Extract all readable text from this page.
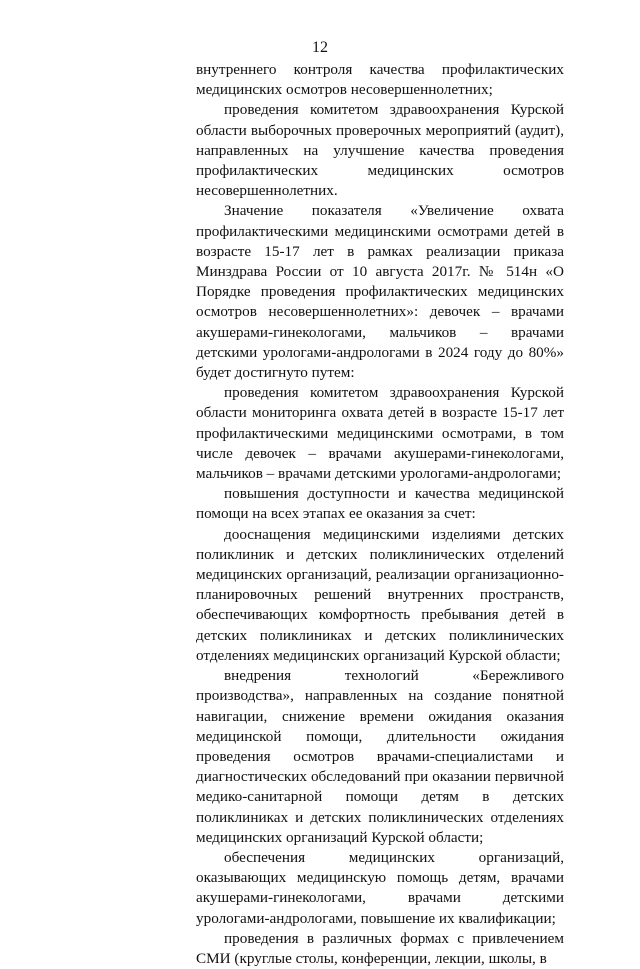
12

внутреннего контроля качества профилактических медицинских осмотров несовершеннолетних;

проведения комитетом здравоохранения Курской области выборочных проверочных мероприятий (аудит), направленных на улучшение качества проведения профилактических медицинских осмотров несовершеннолетних.

Значение показателя «Увеличение охвата профилактическими медицинскими осмотрами детей в возрасте 15-17 лет в рамках реализации приказа Минздрава России от 10 августа 2017г. № 514н «О Порядке проведения профилактических медицинских осмотров несовершеннолетних»: девочек – врачами акушерами-гинекологами, мальчиков – врачами детскими урологами-андрологами в 2024 году до 80%» будет достигнуто путем:

проведения комитетом здравоохранения Курской области мониторинга охвата детей в возрасте 15-17 лет профилактическими медицинскими осмотрами, в том числе девочек – врачами акушерами-гинекологами, мальчиков – врачами детскими урологами-андрологами;

повышения доступности и качества медицинской помощи на всех этапах ее оказания за счет:

дооснащения медицинскими изделиями детских поликлиник и детских поликлинических отделений медицинских организаций, реализации организационно-планировочных решений внутренних пространств, обеспечивающих комфортность пребывания детей в детских поликлиниках и детских поликлинических отделениях медицинских организаций Курской области;

внедрения технологий «Бережливого производства», направленных на создание понятной навигации, снижение времени ожидания оказания медицинской помощи, длительности ожидания проведения осмотров врачами-специалистами и диагностических обследований при оказании первичной медико-санитарной помощи детям в детских поликлиниках и детских поликлинических отделениях медицинских организаций Курской области;

обеспечения медицинских организаций, оказывающих медицинскую помощь детям, врачами акушерами-гинекологами, врачами детскими урологами-андрологами, повышение их квалификации;

проведения в различных формах с привлечением СМИ (круглые столы, конференции, лекции, школы, в
